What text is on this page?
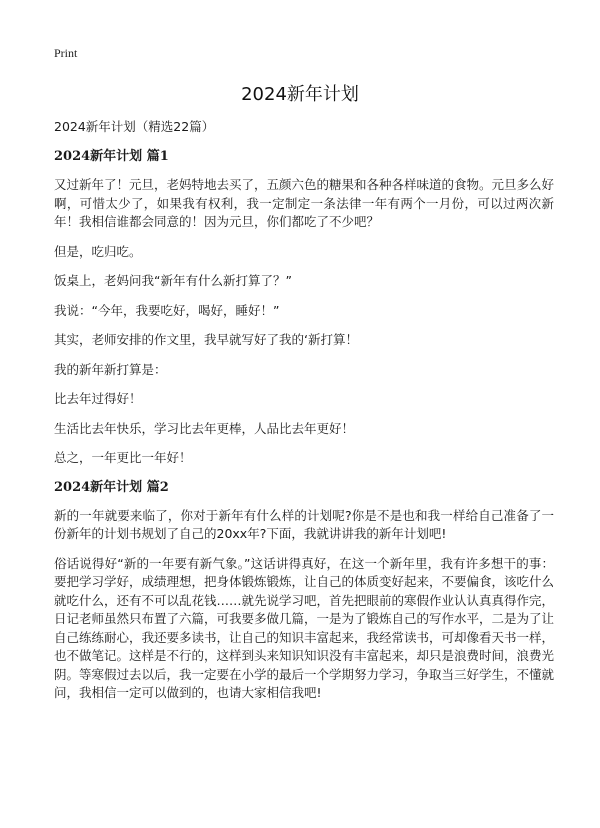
Print
2024新年计划

2024新年计划（精选22篇）

2024新年计划 篇1

又过新年了！元旦，老妈特地去买了，五颜六色的糖果和各种各样味道的食物。元旦多么好啊，可惜太少了，如果我有权利，我一定制定一条法律一年有两个一月份，可以过两次新年！我相信谁都会同意的！因为元旦，你们都吃了不少吧？

但是，吃归吃。

饭桌上，老妈问我“新年有什么新打算了？”

我说：“今年，我要吃好，喝好，睡好！”

其实，老师安排的作文里，我早就写好了我的‘新打算！

我的新年新打算是：

比去年过得好！

生活比去年快乐，学习比去年更棒，人品比去年更好！

总之，一年更比一年好！

2024新年计划 篇2

新的一年就要来临了，你对于新年有什么样的计划呢?你是不是也和我一样给自己准备了一份新年的计划书规划了自己的20xx年?下面，我就讲讲我的新年计划吧!

俗话说得好“新的一年要有新气象。”这话讲得真好，在这一个新年里，我有许多想干的事：要把学习学好，成绩理想，把身体锻炼锻炼，让自己的体质变好起来，不要偏食，该吃什么就吃什么，还有不可以乱花钱……就先说学习吧，首先把眼前的寒假作业认认真真得作完，日记老师虽然只布置了六篇，可我要多做几篇，一是为了锻炼自己的写作水平，二是为了让自己练练耐心，我还要多读书，让自己的知识丰富起来，我经常读书，可却像看天书一样，也不做笔记。这样是不行的，这样到头来知识知识没有丰富起来，却只是浪费时间，浪费光阴。等寒假过去以后，我一定要在小学的最后一个学期努力学习，争取当三好学生，不懂就问，我相信一定可以做到的，也请大家相信我吧!
